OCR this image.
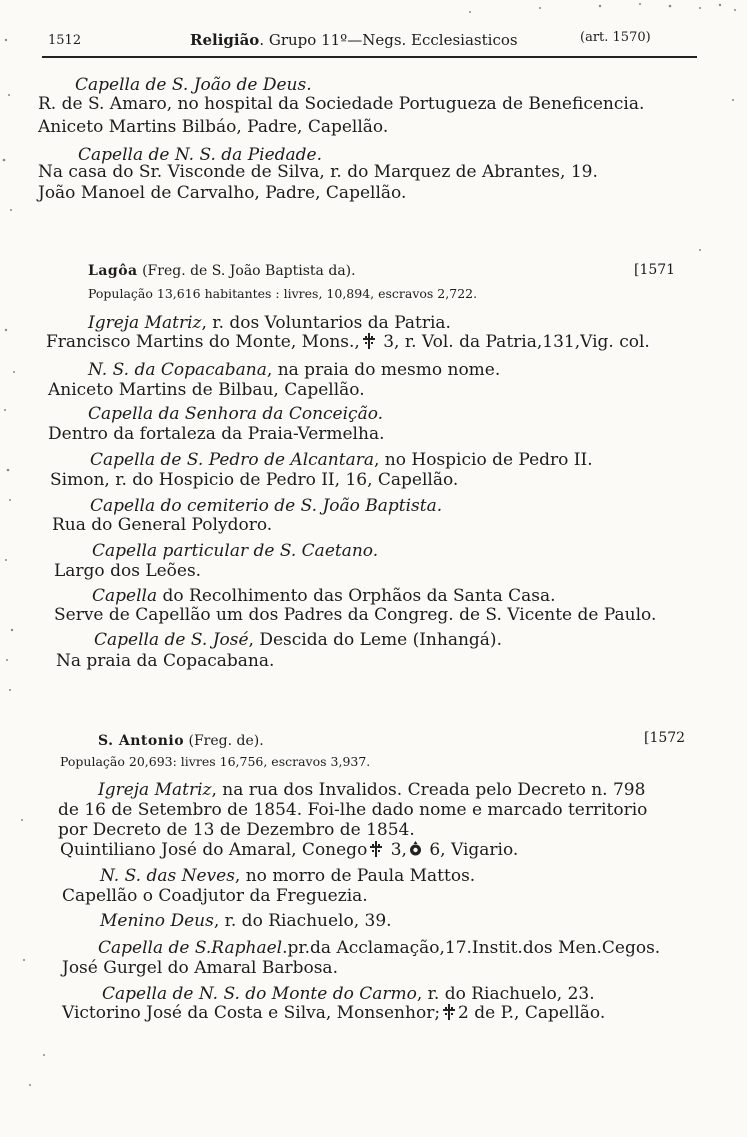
1512	Religião. Grupo 11º—Negs. Ecclesiasticos	(art. 1570)
Capella de S. João de Deus.
R. de S. Amaro, no hospital da Sociedade Portugueza de Beneficencia.
Aniceto Martins Bilbáo, Padre, Capellão.
Capella de N. S. da Piedade.
Na casa do Sr. Visconde de Silva, r. do Marquez de Abrantes, 19.
João Manoel de Carvalho, Padre, Capellão.
Lagôa (Freg. de S. João Baptista da).	[1571
População 13,616 habitantes : livres, 10,894, escravos 2,722.
Igreja Matriz, r. dos Voluntarios da Patria.
Francisco Martins do Monte, Mons., 3, r. Vol. da Patria,131,Vig. col.
N. S. da Copacabana, na praia do mesmo nome.
Aniceto Martins de Bilbau, Capellão.
Capella da Senhora da Conceição.
Dentro da fortaleza da Praia-Vermelha.
Capella de S. Pedro de Alcantara, no Hospicio de Pedro II.
Simon, r. do Hospicio de Pedro II, 16, Capellão.
Capella do cemiterio de S. João Baptista.
Rua do General Polydoro.
Capella particular de S. Caetano.
Largo dos Leões.
Capella do Recolhimento das Orphãos da Santa Casa.
Serve de Capellão um dos Padres da Congreg. de S. Vicente de Paulo.
Capella de S. José, Descida do Leme (Inhangá).
Na praia da Copacabana.
S. Antonio (Freg. de).	[1572
População 20,693: livres 16,756, escravos 3,937.
Igreja Matriz, na rua dos Invalidos. Creada pelo Decreto n. 798
de 16 de Setembro de 1854. Foi-lhe dado nome e marcado territorio
por Decreto de 13 de Dezembro de 1854.
Quintiliano José do Amaral, Conego 3, 6, Vigario.
N. S. das Neves, no morro de Paula Mattos.
Capellão o Coadjutor da Freguezia.
Menino Deus, r. do Riachuelo, 39.
Capella de S.Raphael.pr.da Acclamação,17.Instit.dos Men.Cegos.
José Gurgel do Amaral Barbosa.
Capella de N. S. do Monte do Carmo, r. do Riachuelo, 23.
Victorino José da Costa e Silva, Monsenhor; 2 de P., Capellão.
